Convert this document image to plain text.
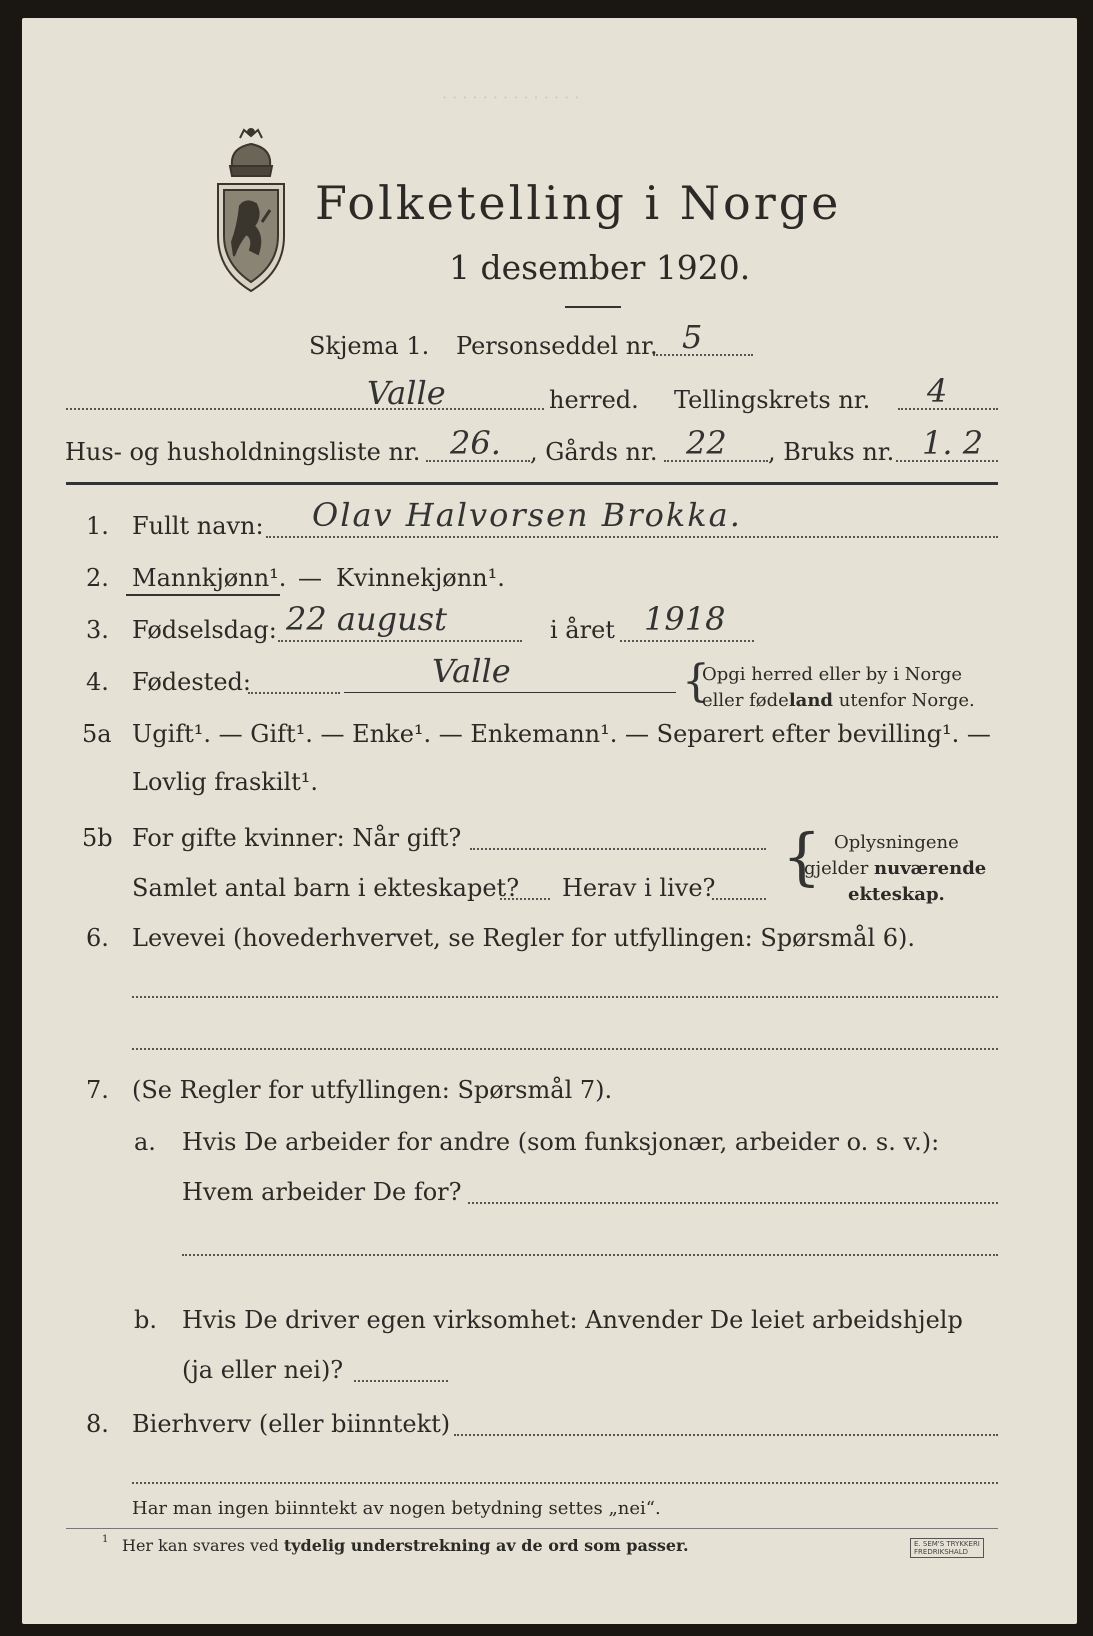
Folketelling i Norge
1 desember 1920.
· · · · · · · · · · · · · ·
Skjema 1. Personseddel nr. 5
Valle	herred. Tellingskrets nr. 4
Hus- og husholdningsliste nr. 26. , Gårds nr. 22 , Bruks nr. 1. 2
1. Fullt navn: Olav Halvorsen Brokka.
2. Mannkjønn¹. — Kvinnekjønn¹.
3. Fødselsdag: 22 august	i året 1918
4. Fødested:	Valle	{
Opgi herred eller by i Norge
eller fødeland utenfor Norge.
5a Ugift¹. — Gift¹. — Enke¹. — Enkemann¹. — Separert efter bevilling¹. —
Lovlig fraskilt¹.
5b For gifte kvinner: Når gift?
Samlet antal barn i ekteskapet? Herav i live? { Oplysningene
gjelder nuværende
ekteskap.
6. Levevei (hovederhvervet, se Regler for utfyllingen: Spørsmål 6).
7. (Se Regler for utfyllingen: Spørsmål 7).
a. Hvis De arbeider for andre (som funksjonær, arbeider o. s. v.):
Hvem arbeider De for?
b. Hvis De driver egen virksomhet: Anvender De leiet arbeidshjelp
(ja eller nei)?
8. Bierhverv (eller biinntekt)
Har man ingen biinntekt av nogen betydning settes „nei“.
1 Her kan svares ved tydelig understrekning av de ord som passer.	E. SEM'S TRYKKERI
FREDRIKSHALD
